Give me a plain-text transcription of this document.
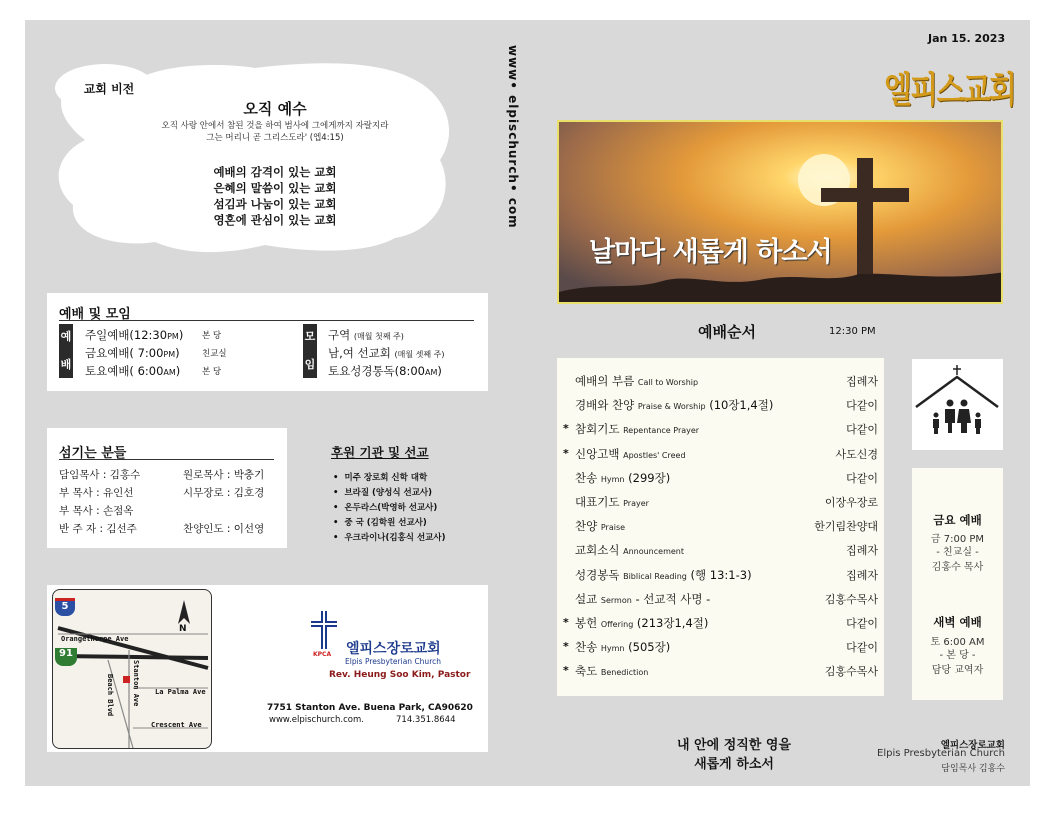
교회 비전
오직 예수
오직 사랑 안에서 참된 것을 하여 범사에 그에게까지 자랄지라
그는 머리니 곧 그리스도라' (엡4:15)
예배의 감격이 있는 교회
은혜의 말씀이 있는 교회
섬김과 나눔이 있는 교회
영혼에 관심이 있는 교회	www• elpischurch• com
예배 및 모임
예
배
주일예배(12:30PM) 본 당
금요예배( 7:00PM)	친교실
토요예배( 6:00AM)	본 당
모
임
구역 (매월 첫째 주)
남,여 선교회 (매월 셋째 주)
토요성경통독(8:00AM)
섬기는 분들
담임목사 : 김홍수	원로목사 : 박충기
부 목사 : 유인선	시무장로 : 김호경
부 목사 : 손점옥
반 주 자 : 김선주	찬양인도 : 이선영
후원 기관 및 선교
• 미주 장로회 신학 대학
• 브라질 (양성식 선교사)
• 온두라스(박영하 선교사)
• 중 국 (김학원 선교사)
• 우크라이나(김홍식 선교사)
5
91
N
Orangethorpe Ave
Beach Blvd	Stanton Ave La Palma Ave
Crescent Ave
KPCA 엘피스장로교회
Elpis Presbyterian Church
Rev. Heung Soo Kim, Pastor
7751 Stanton Ave. Buena Park, CA90620
www.elpischurch.com.	714.351.8644
Jan 15. 2023
엘피스교회
날마다 새롭게 하소서
예배순서	12:30 PM
예배의 부름 Call to Worship	집례자
경배와 찬양 Praise & Worship (10장1,4절)	다같이
* 참회기도 Repentance Prayer	다같이
* 신앙고백 Apostles' Creed	사도신경
찬송 Hymn (299장)	다같이
대표기도 Prayer	이장우장로
찬양 Praise	한기림찬양대
교회소식 Announcement	집례자
성경봉독 Biblical Reading (행 13:1-3)	집례자
설교 Sermon - 선교적 사명 -	김홍수목사
* 봉헌 Offering (213장1,4절)	다같이
* 찬송 Hymn (505장)	다같이
* 축도 Benediction	김홍수목사
금요 예배
금 7:00 PM
- 친교실 -
김홍수 목사
새벽 예배
토 6:00 AM
- 본 당 -
담당 교역자
내 안에 정직한 영을
새롭게 하소서
엘피스장로교회
Elpis Presbyterian Church
담임목사 김홍수
